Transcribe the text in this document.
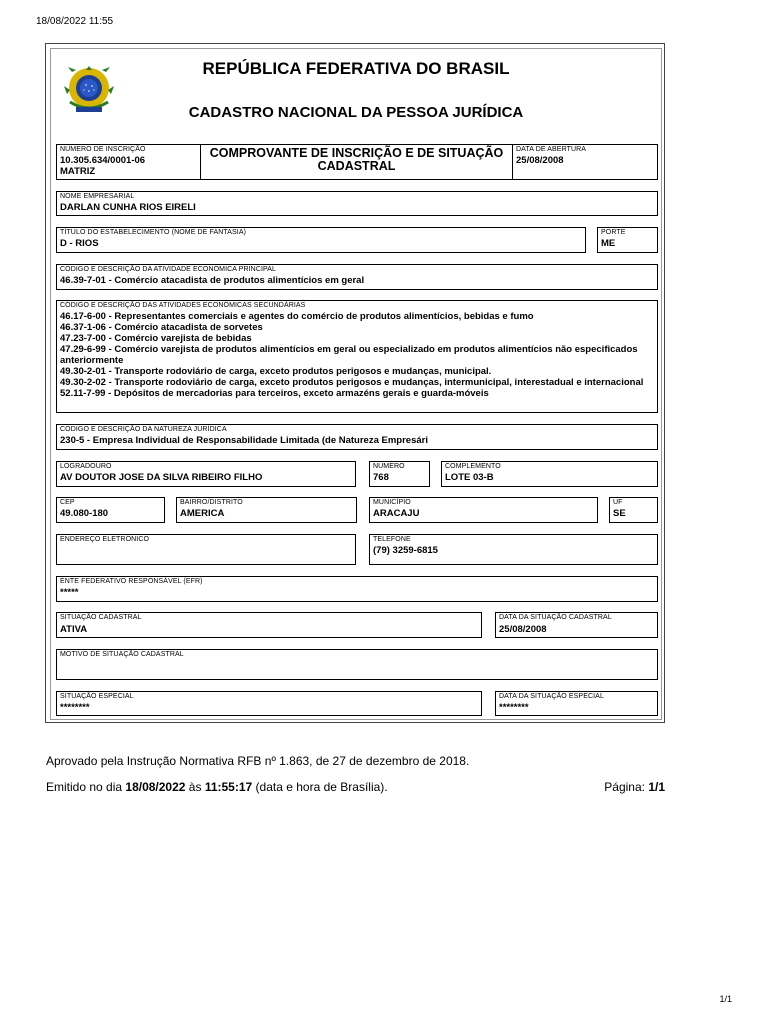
18/08/2022 11:55
REPÚBLICA FEDERATIVA DO BRASIL
CADASTRO NACIONAL DA PESSOA JURÍDICA
NÚMERO DE INSCRIÇÃO
10.305.634/0001-06
MATRIZ
COMPROVANTE DE INSCRIÇÃO E DE SITUAÇÃO CADASTRAL
DATA DE ABERTURA
25/08/2008
NOME EMPRESARIAL
DARLAN CUNHA RIOS EIRELI
TÍTULO DO ESTABELECIMENTO (NOME DE FANTASIA)
D - RIOS
PORTE
ME
CÓDIGO E DESCRIÇÃO DA ATIVIDADE ECONÔMICA PRINCIPAL
46.39-7-01 - Comércio atacadista de produtos alimentícios em geral
CÓDIGO E DESCRIÇÃO DAS ATIVIDADES ECONÔMICAS SECUNDÁRIAS
46.17-6-00 - Representantes comerciais e agentes do comércio de produtos alimentícios, bebidas e fumo
46.37-1-06 - Comércio atacadista de sorvetes
47.23-7-00 - Comércio varejista de bebidas
47.29-6-99 - Comércio varejista de produtos alimentícios em geral ou especializado em produtos alimentícios não especificados anteriormente
49.30-2-01 - Transporte rodoviário de carga, exceto produtos perigosos e mudanças, municipal.
49.30-2-02 - Transporte rodoviário de carga, exceto produtos perigosos e mudanças, intermunicipal, interestadual e internacional
52.11-7-99 - Depósitos de mercadorias para terceiros, exceto armazéns gerais e guarda-móveis
CÓDIGO E DESCRIÇÃO DA NATUREZA JURÍDICA
230-5 - Empresa Individual de Responsabilidade Limitada (de Natureza Empresári
LOGRADOURO
AV DOUTOR JOSE DA SILVA RIBEIRO FILHO
NÚMERO
768
COMPLEMENTO
LOTE 03-B
CEP
49.080-180
BAIRRO/DISTRITO
AMERICA
MUNICÍPIO
ARACAJU
UF
SE
ENDEREÇO ELETRÔNICO	TELEFONE
(79) 3259-6815
ENTE FEDERATIVO RESPONSÁVEL (EFR)
*****
SITUAÇÃO CADASTRAL
ATIVA
DATA DA SITUAÇÃO CADASTRAL
25/08/2008
MOTIVO DE SITUAÇÃO CADASTRAL
SITUAÇÃO ESPECIAL
********
DATA DA SITUAÇÃO ESPECIAL
********
Aprovado pela Instrução Normativa RFB nº 1.863, de 27 de dezembro de 2018.
Emitido no dia 18/08/2022 às 11:55:17 (data e hora de Brasília).	Página: 1/1
1/1
